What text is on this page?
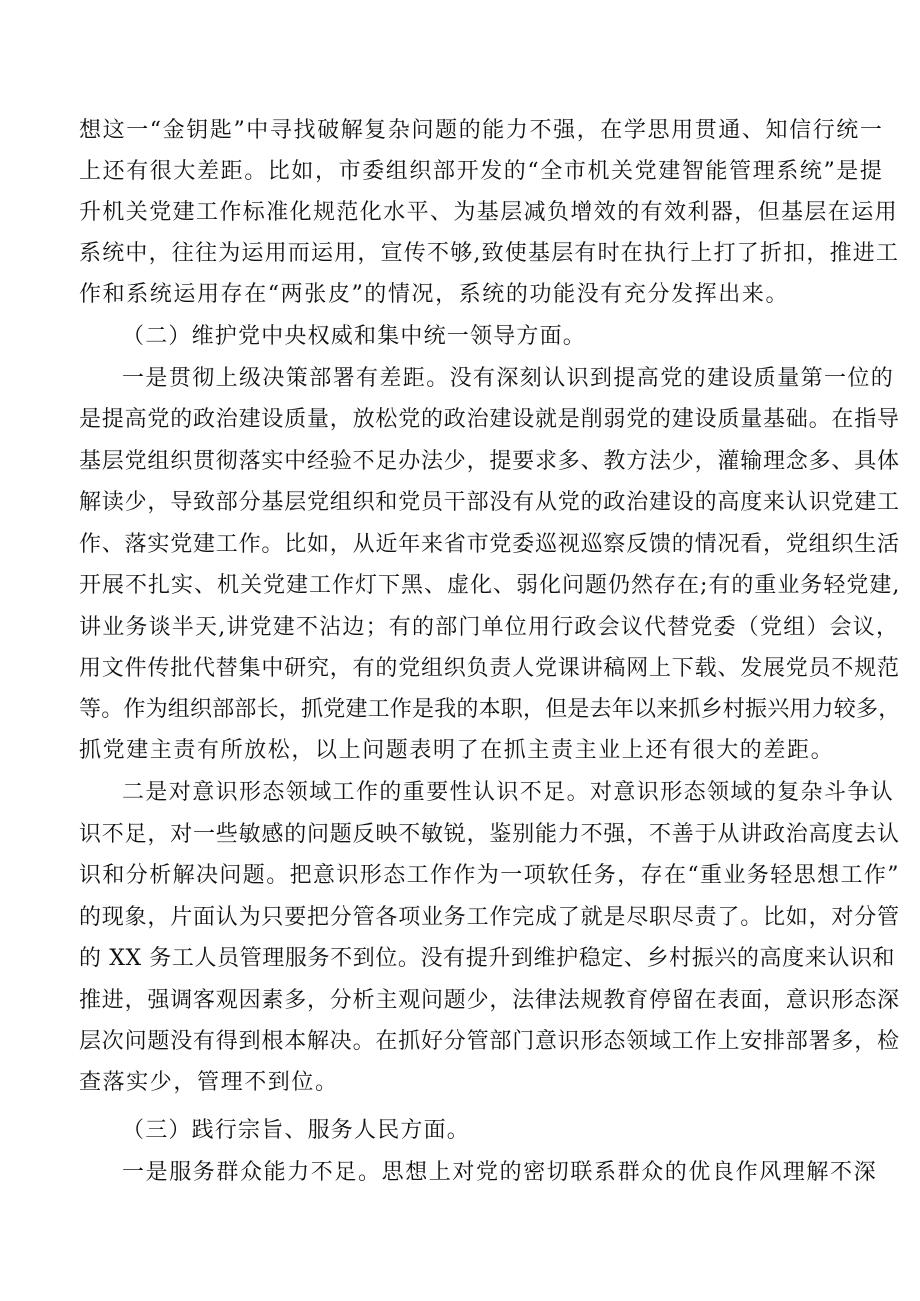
想这一“金钥匙”中寻找破解复杂问题的能力不强，在学思用贯通、知信行统一
上还有很大差距。比如，市委组织部开发的“全市机关党建智能管理系统”是提
升机关党建工作标准化规范化水平、为基层减负增效的有效利器，但基层在运用
系统中，往往为运用而运用，宣传不够,致使基层有时在执行上打了折扣，推进工
作和系统运用存在“两张皮”的情况，系统的功能没有充分发挥出来。
（二）维护党中央权威和集中统一领导方面。
一是贯彻上级决策部署有差距。没有深刻认识到提高党的建设质量第一位的
是提高党的政治建设质量，放松党的政治建设就是削弱党的建设质量基础。在指导
基层党组织贯彻落实中经验不足办法少，提要求多、教方法少，灌输理念多、具体
解读少，导致部分基层党组织和党员干部没有从党的政治建设的高度来认识党建工
作、落实党建工作。比如，从近年来省市党委巡视巡察反馈的情况看，党组织生活
开展不扎实、机关党建工作灯下黑、虚化、弱化问题仍然存在;有的重业务轻党建,
讲业务谈半天,讲党建不沾边；有的部门单位用行政会议代替党委（党组）会议，
用文件传批代替集中研究，有的党组织负责人党课讲稿网上下载、发展党员不规范
等。作为组织部部长，抓党建工作是我的本职，但是去年以来抓乡村振兴用力较多，
抓党建主责有所放松，以上问题表明了在抓主责主业上还有很大的差距。
二是对意识形态领域工作的重要性认识不足。对意识形态领域的复杂斗争认
识不足，对一些敏感的问题反映不敏锐，鉴别能力不强，不善于从讲政治高度去认
识和分析解决问题。把意识形态工作作为一项软任务，存在“重业务轻思想工作”
的现象，片面认为只要把分管各项业务工作完成了就是尽职尽责了。比如，对分管
的 XX 务工人员管理服务不到位。没有提升到维护稳定、乡村振兴的高度来认识和
推进，强调客观因素多，分析主观问题少，法律法规教育停留在表面，意识形态深
层次问题没有得到根本解决。在抓好分管部门意识形态领域工作上安排部署多，检
查落实少，管理不到位。
（三）践行宗旨、服务人民方面。
一是服务群众能力不足。思想上对党的密切联系群众的优良作风理解不深
